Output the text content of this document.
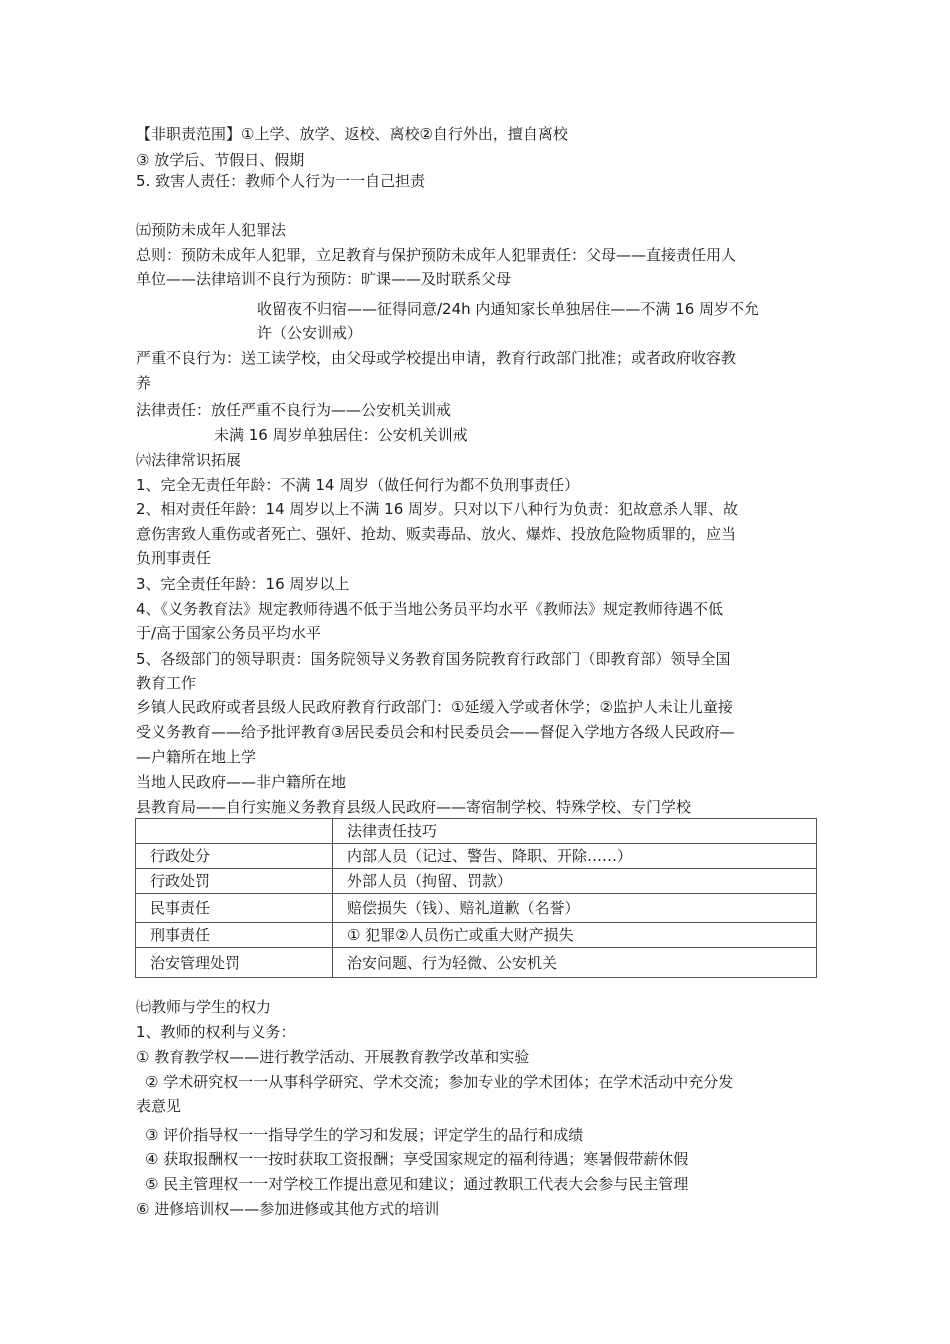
【非职责范围】①上学、放学、返校、离校②自行外出，擅自离校
③ 放学后、节假日、假期
5. 致害人责任：教师个人行为一一自己担责
㈤预防未成年人犯罪法
总则：预防未成年人犯罪，立足教育与保护预防未成年人犯罪责任：父母——直接责任用人
单位——法律培训不良行为预防：旷课——及时联系父母
收留夜不归宿——征得同意/24h 内通知家长单独居住——不满 16 周岁不允
许（公安训戒）
严重不良行为：送工读学校，由父母或学校提出申请，教育行政部门批准；或者政府收容教
养
法律责任：放任严重不良行为——公安机关训戒
未满 16 周岁单独居住：公安机关训戒
㈥法律常识拓展
1、完全无责任年龄：不满 14 周岁（做任何行为都不负刑事责任）
2、相对责任年龄：14 周岁以上不满 16 周岁。只对以下八种行为负责：犯故意杀人罪、故
意伤害致人重伤或者死亡、强奸、抢劫、贩卖毒品、放火、爆炸、投放危险物质罪的，应当
负刑事责任
3、完全责任年龄：16 周岁以上
4、《义务教育法》规定教师待遇不低于当地公务员平均水平《教师法》规定教师待遇不低
于/高于国家公务员平均水平
5、各级部门的领导职责：国务院领导义务教育国务院教育行政部门（即教育部）领导全国
教育工作
乡镇人民政府或者县级人民政府教育行政部门：①延缓入学或者休学；②监护人未让儿童接
受义务教育——给予批评教育③居民委员会和村民委员会——督促入学地方各级人民政府—
—户籍所在地上学
当地人民政府——非户籍所在地
县教育局——自行实施义务教育县级人民政府——寄宿制学校、特殊学校、专门学校
	法律责任技巧
行政处分	内部人员（记过、警告、降职、开除……）
行政处罚	外部人员（拘留、罚款）
民事责任	赔偿损失（钱）、赔礼道歉（名誉）
刑事责任	① 犯罪②人员伤亡或重大财产损失
治安管理处罚	治安问题、行为轻微、公安机关
㈦教师与学生的权力
1、教师的权利与义务：
① 教育教学权——进行教学活动、开展教育教学改革和实验
② 学术研究权一一从事科学研究、学术交流；参加专业的学术团体；在学术活动中充分发
表意见
③ 评价指导权一一指导学生的学习和发展；评定学生的品行和成绩
④ 获取报酬权一一按时获取工资报酬；享受国家规定的福利待遇；寒暑假带薪休假
⑤ 民主管理权一一对学校工作提出意见和建议；通过教职工代表大会参与民主管理
⑥ 进修培训权——参加进修或其他方式的培训
